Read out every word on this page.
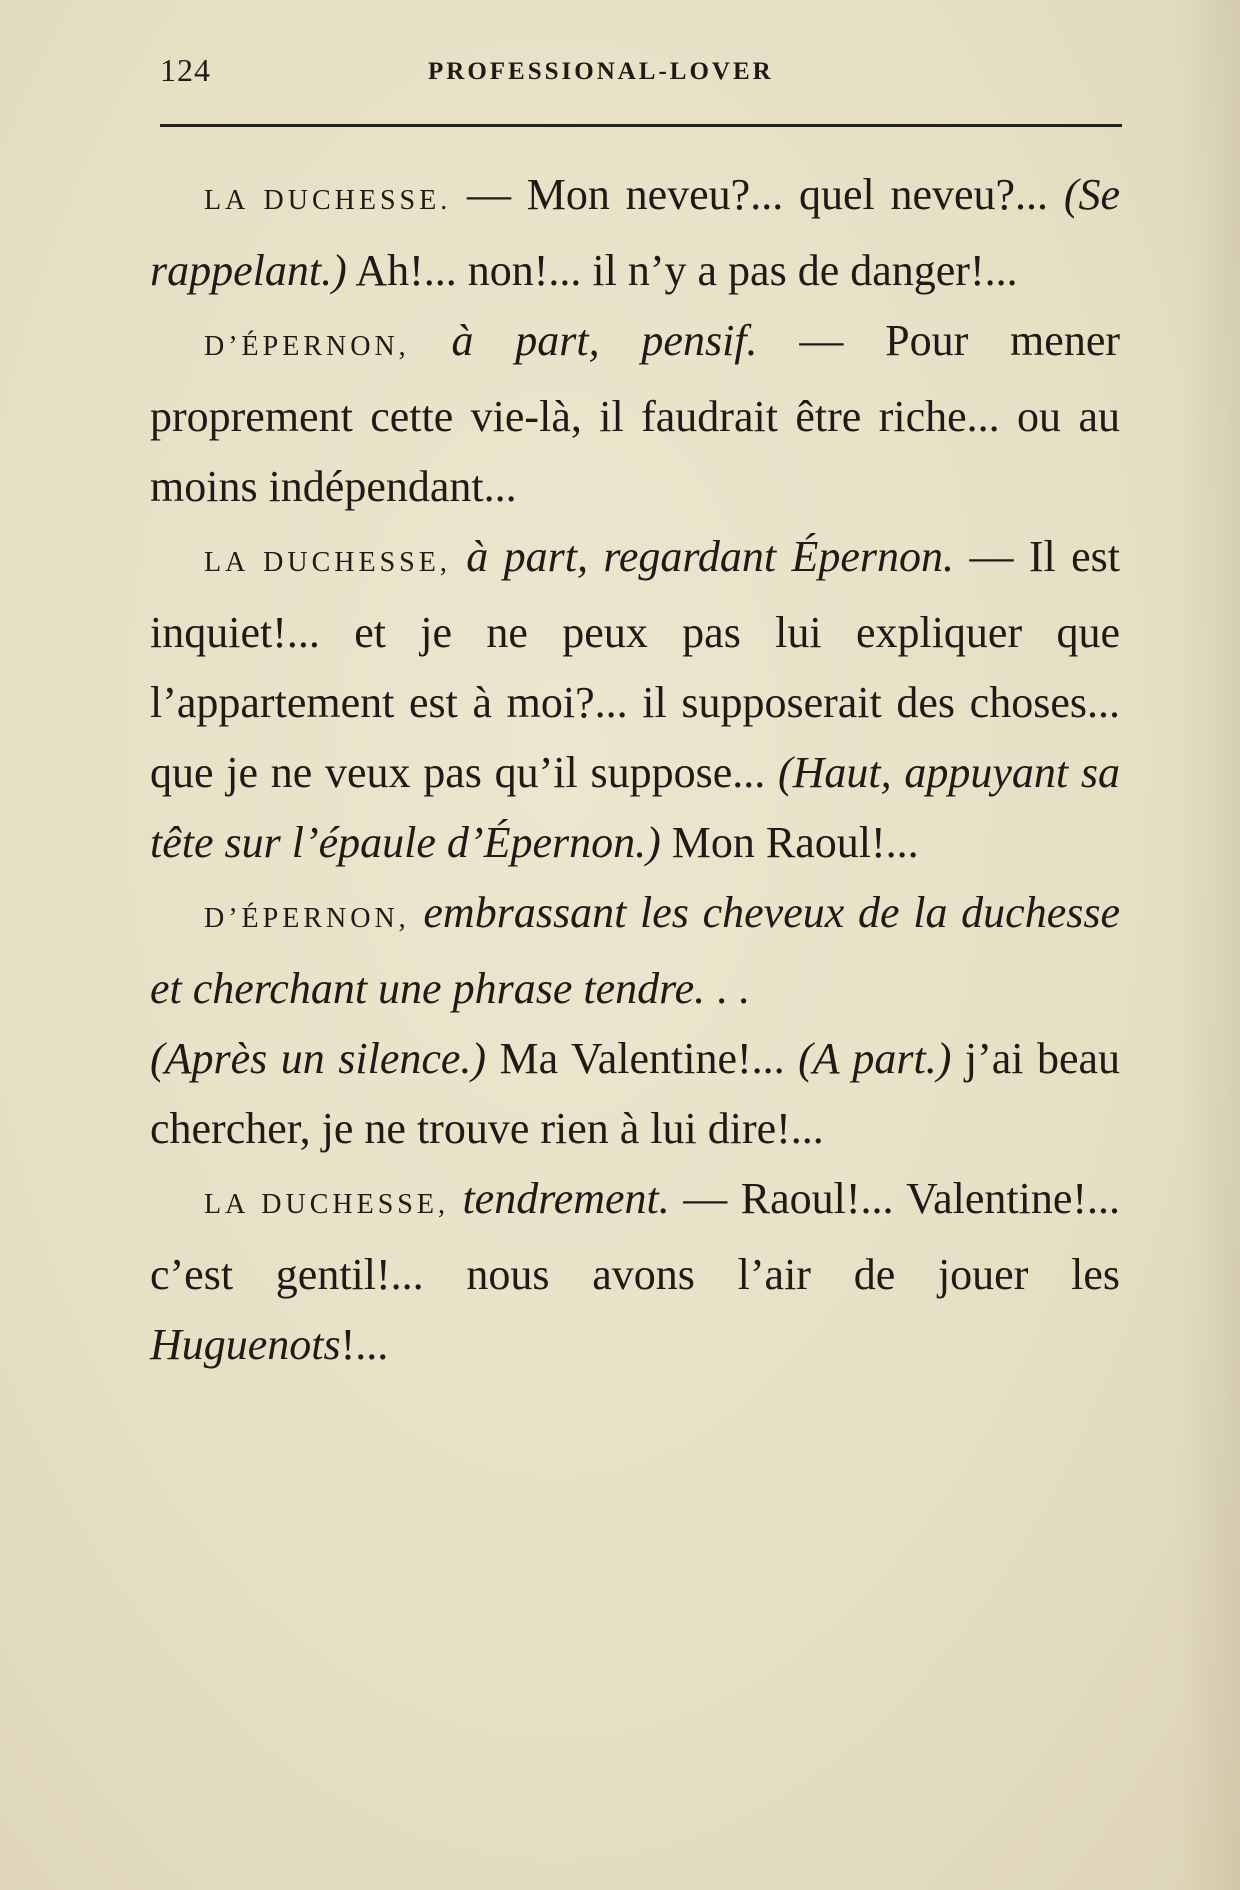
124	PROFESSIONAL-LOVER

LA DUCHESSE. — Mon neveu?... quel neveu?... (Se rappelant.) Ah!... non!... il n’y a pas de danger!...

D’ÉPERNON, à part, pensif. — Pour mener proprement cette vie-là, il faudrait être riche... ou au moins indépendant...

LA DUCHESSE, à part, regardant Épernon. — Il est inquiet!... et je ne peux pas lui expliquer que l’appartement est à moi?... il supposerait des choses... que je ne veux pas qu’il suppose... (Haut, appuyant sa tête sur l’épaule d’Épernon.) Mon Raoul!...

D’ÉPERNON, embrassant les cheveux de la duchesse et cherchant une phrase tendre. . .

(Après un silence.) Ma Valentine!... (A part.) j’ai beau chercher, je ne trouve rien à lui dire!...

LA DUCHESSE, tendrement. — Raoul!... Valentine!... c’est gentil!... nous avons l’air de jouer les Huguenots!...
